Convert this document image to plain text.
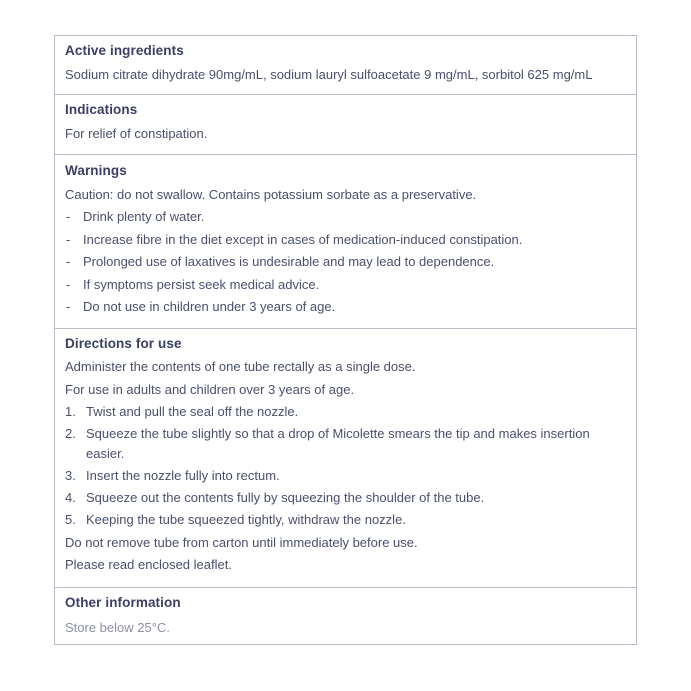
Active ingredients

Sodium citrate dihydrate 90mg/mL, sodium lauryl sulfoacetate 9 mg/mL, sorbitol 625 mg/mL

Indications

For relief of constipation.

Warnings

Caution: do not swallow. Contains potassium sorbate as a preservative.

- Drink plenty of water.
- Increase fibre in the diet except in cases of medication-induced constipation.
- Prolonged use of laxatives is undesirable and may lead to dependence.
- If symptoms persist seek medical advice.
- Do not use in children under 3 years of age.
Directions for use

Administer the contents of one tube rectally as a single dose.

For use in adults and children over 3 years of age.

1. Twist and pull the seal off the nozzle.
2. Squeeze the tube slightly so that a drop of Micolette smears the tip and makes insertion easier.
3. Insert the nozzle fully into rectum.
4. Squeeze out the contents fully by squeezing the shoulder of the tube.
5. Keeping the tube squeezed tightly, withdraw the nozzle.

Do not remove tube from carton until immediately before use.

Please read enclosed leaflet.

Other information

Store below 25°C.
